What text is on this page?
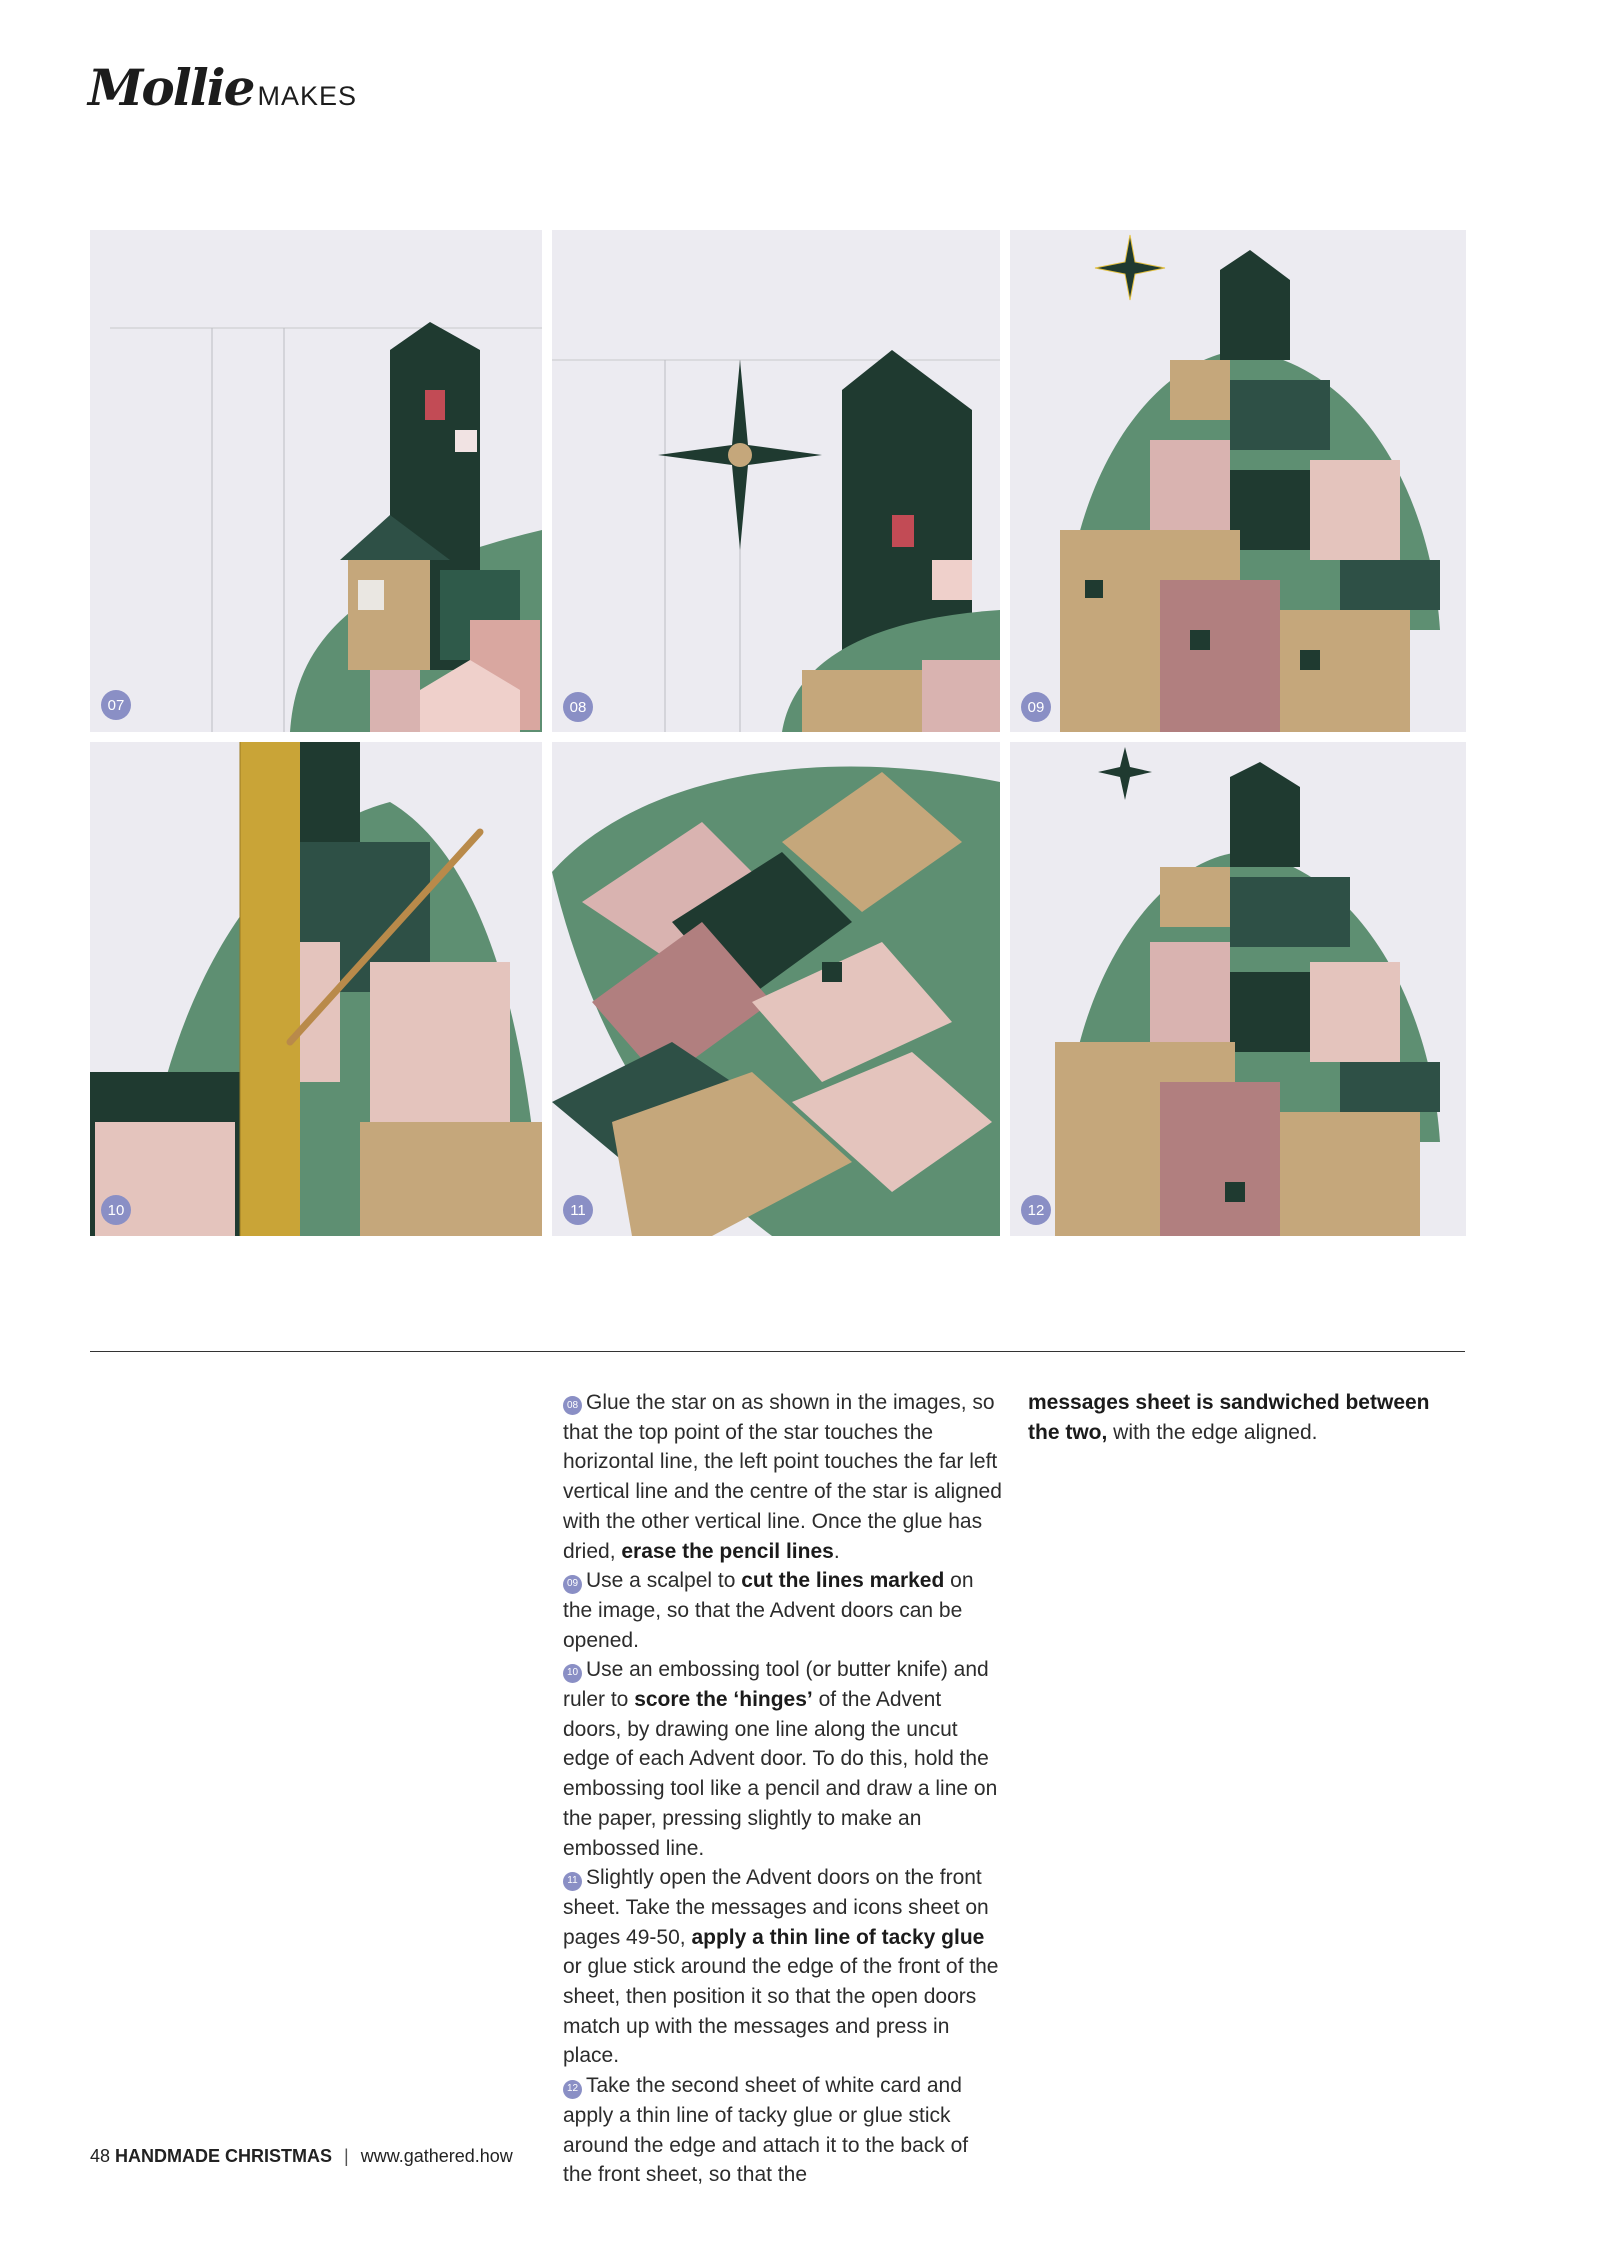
Mollie MAKES
07	08	09
10	11	12

08 Glue the star on as shown in the images, so that the top point of the star touches the horizontal line, the left point touches the far left vertical line and the centre of the star is aligned with the other vertical line. Once the glue has dried, erase the pencil lines.

09 Use a scalpel to cut the lines marked on the image, so that the Advent doors can be opened.

10 Use an embossing tool (or butter knife) and ruler to score the ‘hinges’ of the Advent doors, by drawing one line along the uncut edge of each Advent door. To do this, hold the embossing tool like a pencil and draw a line on the paper, pressing slightly to make an embossed line.

11 Slightly open the Advent doors on the front sheet. Take the messages and icons sheet on pages 49-50, apply a thin line of tacky glue or glue stick around the edge of the front of the sheet, then position it so that the open doors match up with the messages and press in place.

12 Take the second sheet of white card and apply a thin line of tacky glue or glue stick around the edge and attach it to the back of the front sheet, so that the

messages sheet is sandwiched between the two, with the edge aligned.

48 HANDMADE CHRISTMAS | www.gathered.how
